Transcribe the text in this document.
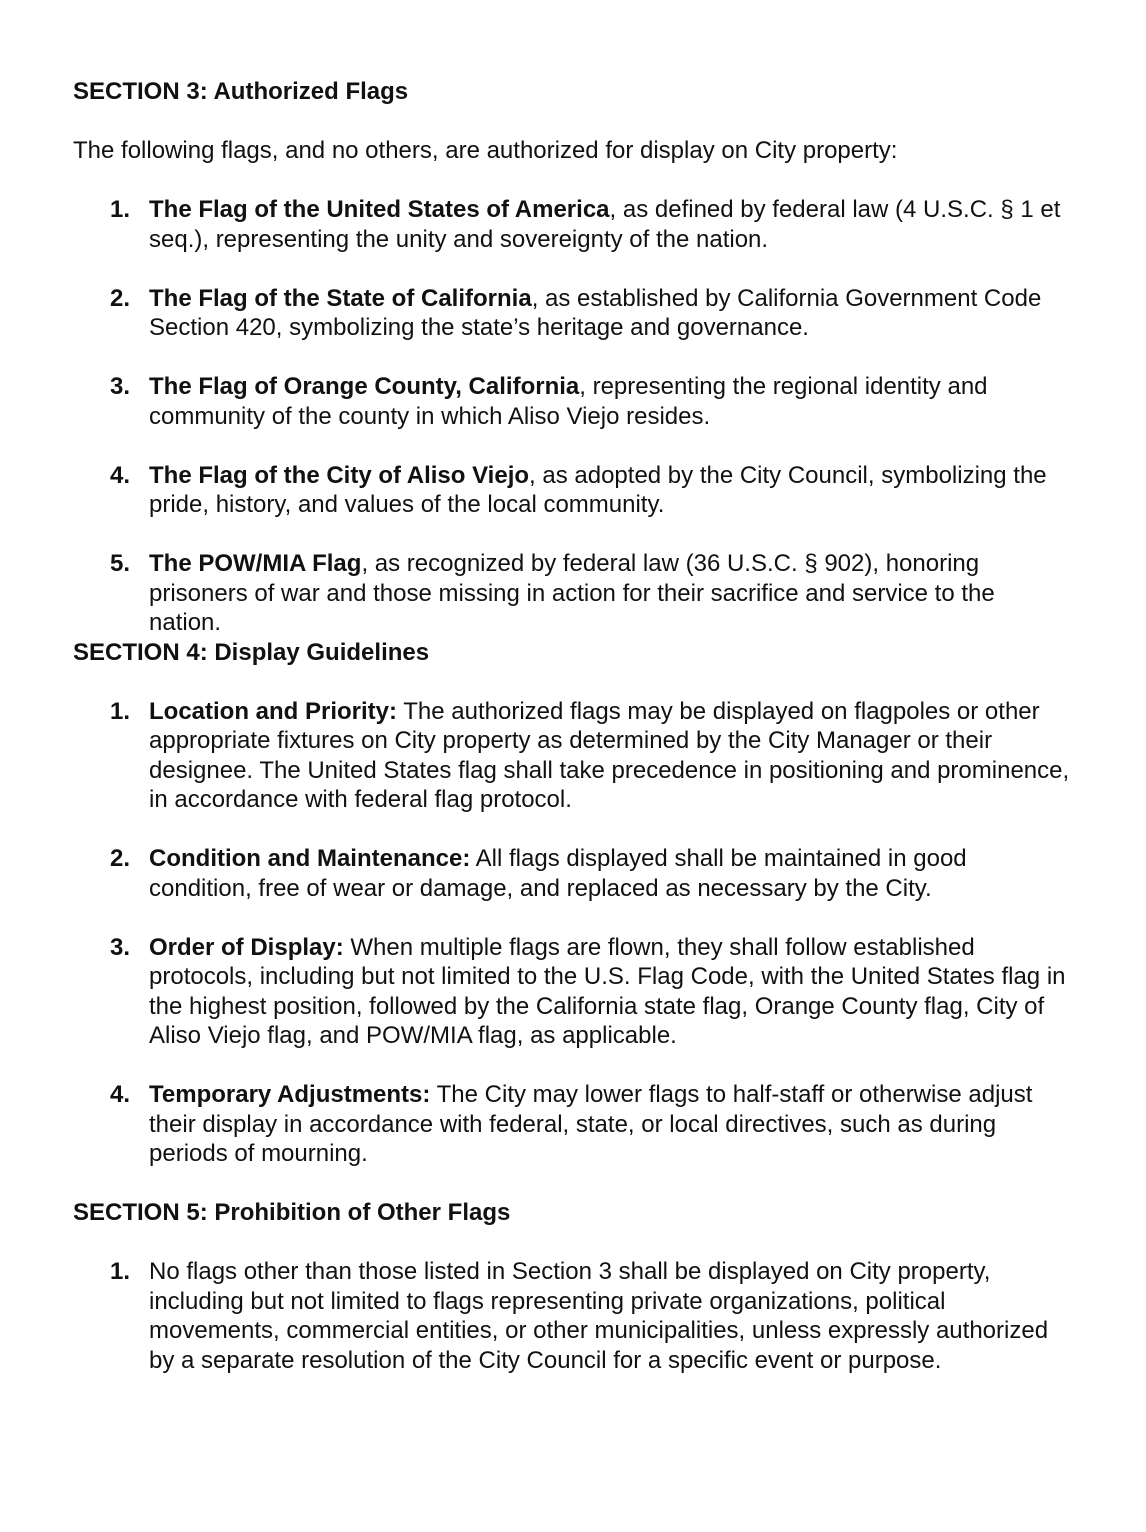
SECTION 3: Authorized Flags

The following flags, and no others, are authorized for display on City property:

1. The Flag of the United States of America, as defined by federal law (4 U.S.C. § 1 et seq.), representing the unity and sovereignty of the nation.
2. The Flag of the State of California, as established by California Government Code Section 420, symbolizing the state’s heritage and governance.
3. The Flag of Orange County, California, representing the regional identity and community of the county in which Aliso Viejo resides.
4. The Flag of the City of Aliso Viejo, as adopted by the City Council, symbolizing the pride, history, and values of the local community.
5. The POW/MIA Flag, as recognized by federal law (36 U.S.C. § 902), honoring prisoners of war and those missing in action for their sacrifice and service to the nation.
SECTION 4: Display Guidelines
1. Location and Priority: The authorized flags may be displayed on flagpoles or other appropriate fixtures on City property as determined by the City Manager or their designee. The United States flag shall take precedence in positioning and prominence, in accordance with federal flag protocol.
2. Condition and Maintenance: All flags displayed shall be maintained in good condition, free of wear or damage, and replaced as necessary by the City.
3. Order of Display: When multiple flags are flown, they shall follow established protocols, including but not limited to the U.S. Flag Code, with the United States flag in the highest position, followed by the California state flag, Orange County flag, City of Aliso Viejo flag, and POW/MIA flag, as applicable.
4. Temporary Adjustments: The City may lower flags to half-staff or otherwise adjust their display in accordance with federal, state, or local directives, such as during periods of mourning.
SECTION 5: Prohibition of Other Flags
1. No flags other than those listed in Section 3 shall be displayed on City property, including but not limited to flags representing private organizations, political movements, commercial entities, or other municipalities, unless expressly authorized by a separate resolution of the City Council for a specific event or purpose.
